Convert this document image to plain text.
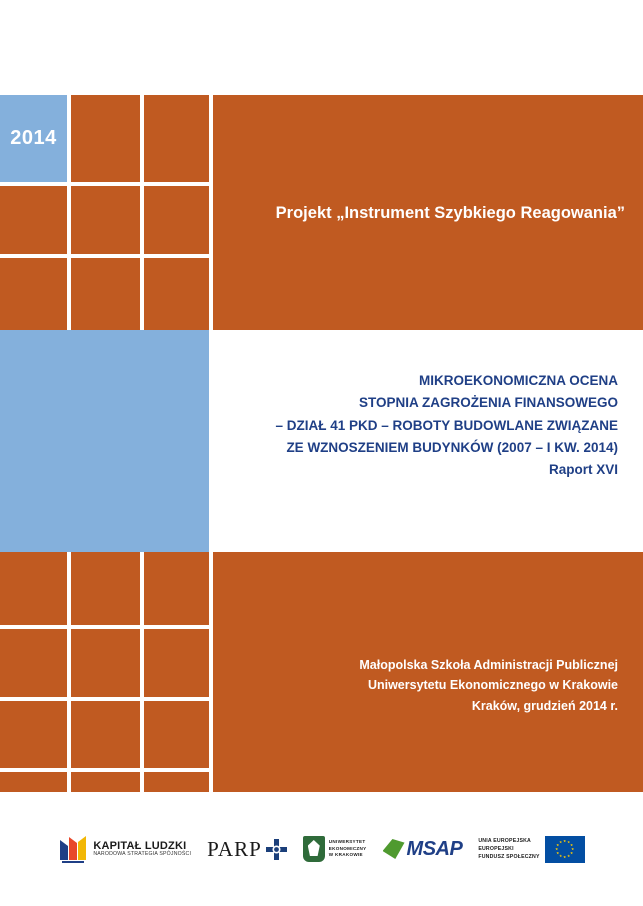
2014
Projekt „Instrument Szybkiego Reagowania”
MIKROEKONOMICZNA OCENA
STOPNIA ZAGROŻENIA FINANSOWEGO
– DZIAŁ 41 PKD – ROBOTY BUDOWLANE ZWIĄZANE
ZE WZNOSZENIEM BUDYNKÓW (2007 – I KW. 2014)
Raport XVI
Małopolska Szkoła Administracji Publicznej
Uniwersytetu Ekonomicznego w Krakowie
Kraków, grudzień 2014 r.
KAPITAŁ LUDZKI
NARODOWA STRATEGIA SPÓJNOŚCI PARP	UNIWERSYTET
EKONOMICZNY
W KRAKOWIE MSAP	UNIA EUROPEJSKA
EUROPEJSKI
FUNDUSZ SPOŁECZNY
